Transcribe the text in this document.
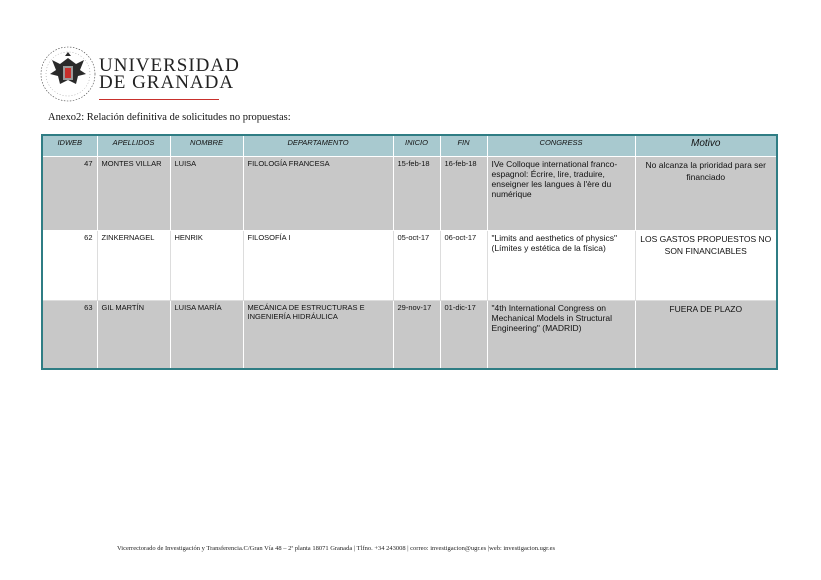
UNIVERSIDAD
DE GRANADA
Anexo2: Relación definitiva de solicitudes no propuestas:
IDWEB	APELLIDOS	NOMBRE	DEPARTAMENTO	INICIO	FIN	CONGRESS	Motivo
47	MONTES VILLAR	LUISA	FILOLOGÍA FRANCESA	15-feb-18	16-feb-18	IVe Colloque international franco-espagnol: Écrire, lire, traduire, enseigner les langues à l'ère du numérique	No alcanza la prioridad para ser financiado
62	ZINKERNAGEL	HENRIK	FILOSOFÍA I	05-oct-17	06-oct-17	"Limits and aesthetics of physics" (Límites y estética de la física)	LOS GASTOS PROPUESTOS NO SON FINANCIABLES
63	GIL MARTÍN	LUISA MARÍA	MECÁNICA DE ESTRUCTURAS E INGENIERÍA HIDRÁULICA	29-nov-17	01-dic-17	"4th International Congress on Mechanical Models in Structural Engineering" (MADRID)	FUERA DE PLAZO
Vicerrectorado de Investigación y Transferencia.C/Gran Vía 48 – 2ª planta 18071 Granada | Tlfno. +34 243008 | correo: investigacion@ugr.es |web: investigacion.ugr.es
